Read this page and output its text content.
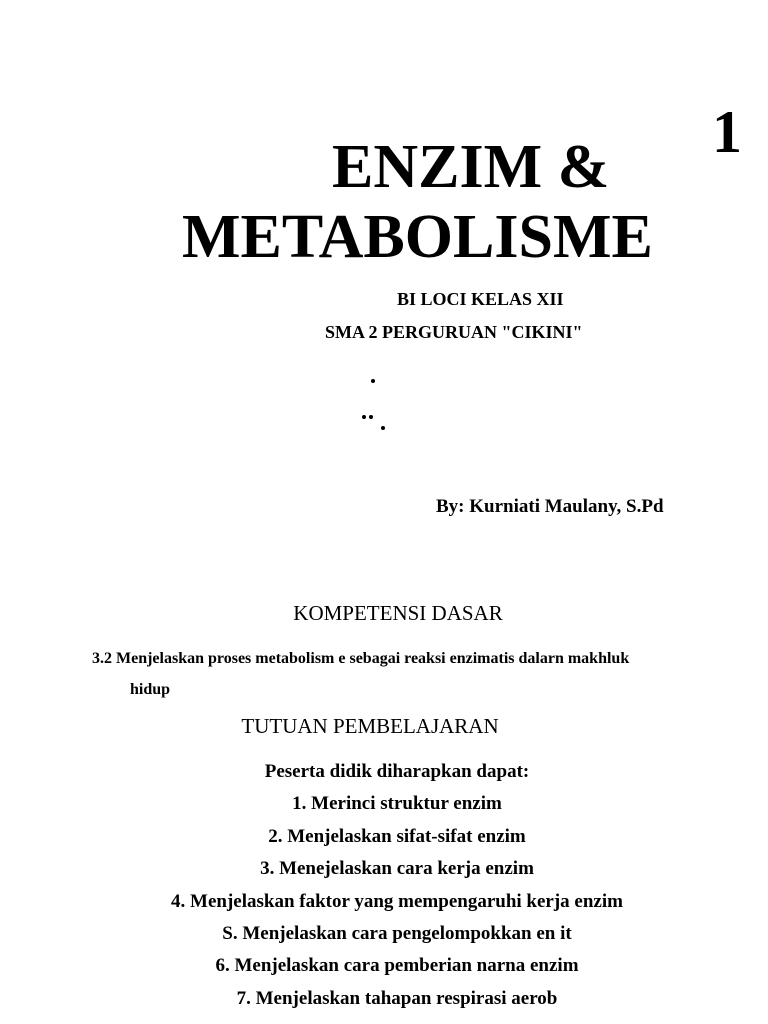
1
ENZIM &
METABOLISME
BI LOCI KELAS XII
SMA 2 PERGURUAN "CIKINI"
By: Kurniati Maulany, S.Pd
KOMPETENSI DASAR
3.2 Menjelaskan proses metabolism e sebagai reaksi enzimatis dalarn makhluk
hidup
TUTUAN PEMBELAJARAN
Peserta didik diharapkan dapat:
1. Merinci struktur enzim
2. Menjelaskan sifat-sifat enzim
3. Menejelaskan cara kerja enzim
4. Menjelaskan faktor yang mempengaruhi kerja enzim
S. Menjelaskan cara pengelompokkan en it
6. Menjelaskan cara pemberian narna enzim
7. Menjelaskan tahapan respirasi aerob
